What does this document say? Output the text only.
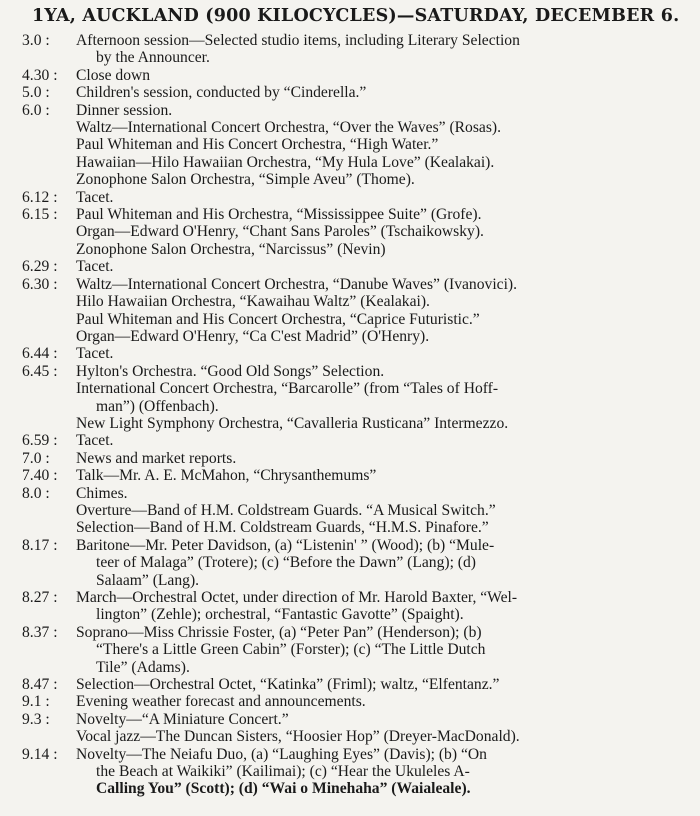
1YA, AUCKLAND (900 KILOCYCLES)—SATURDAY, DECEMBER 6.
3.0 :	Afternoon session—Selected studio items, including Literary Selection
by the Announcer.
4.30 :	Close down
5.0 :	Children's session, conducted by “Cinderella.”
6.0 :	Dinner session.
Waltz—International Concert Orchestra, “Over the Waves” (Rosas).
Paul Whiteman and His Concert Orchestra, “High Water.”
Hawaiian—Hilo Hawaiian Orchestra, “My Hula Love” (Kealakai).
Zonophone Salon Orchestra, “Simple Aveu” (Thome).
6.12 :	Tacet.
6.15 :	Paul Whiteman and His Orchestra, “Mississippee Suite” (Grofe).
Organ—Edward O'Henry, “Chant Sans Paroles” (Tschaikowsky).
Zonophone Salon Orchestra, “Narcissus” (Nevin)
6.29 :	Tacet.
6.30 :	Waltz—International Concert Orchestra, “Danube Waves” (Ivanovici).
Hilo Hawaiian Orchestra, “Kawaihau Waltz” (Kealakai).
Paul Whiteman and His Concert Orchestra, “Caprice Futuristic.”
Organ—Edward O'Henry, “Ca C'est Madrid” (O'Henry).
6.44 :	Tacet.
6.45 :	Hylton's Orchestra. “Good Old Songs” Selection.
International Concert Orchestra, “Barcarolle” (from “Tales of Hoff-
man”) (Offenbach).
New Light Symphony Orchestra, “Cavalleria Rusticana” Intermezzo.
6.59 :	Tacet.
7.0 :	News and market reports.
7.40 :	Talk—Mr. A. E. McMahon, “Chrysanthemums”
8.0 :	Chimes.
Overture—Band of H.M. Coldstream Guards. “A Musical Switch.”
Selection—Band of H.M. Coldstream Guards, “H.M.S. Pinafore.”
8.17 :	Baritone—Mr. Peter Davidson, (a) “Listenin' ” (Wood); (b) “Mule-
teer of Malaga” (Trotere); (c) “Before the Dawn” (Lang); (d)
Salaam” (Lang).
8.27 :	March—Orchestral Octet, under direction of Mr. Harold Baxter, “Wel-
lington” (Zehle); orchestral, “Fantastic Gavotte” (Spaight).
8.37 :	Soprano—Miss Chrissie Foster, (a) “Peter Pan” (Henderson); (b)
“There's a Little Green Cabin” (Forster); (c) “The Little Dutch
Tile” (Adams).
8.47 :	Selection—Orchestral Octet, “Katinka” (Friml); waltz, “Elfentanz.”
9.1 :	Evening weather forecast and announcements.
9.3 :	Novelty—“A Miniature Concert.”
Vocal jazz—The Duncan Sisters, “Hoosier Hop” (Dreyer-MacDonald).
9.14 :	Novelty—The Neiafu Duo, (a) “Laughing Eyes” (Davis); (b) “On
the Beach at Waikiki” (Kailimai); (c) “Hear the Ukuleles A-
Calling You” (Scott); (d) “Wai o Minehaha” (Waialeale).
